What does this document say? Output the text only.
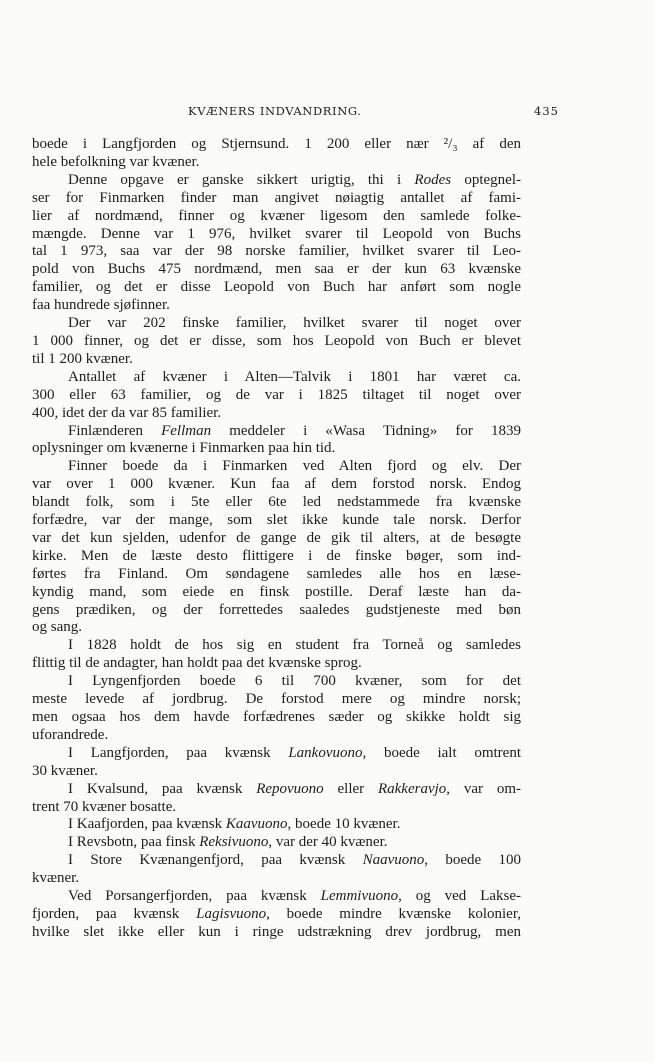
KVÆNERS INDVANDRING.	435
boede i Langfjorden og Stjernsund. 1 200 eller nær ²/₃ af den
hele befolkning var kvæner.
Denne opgave er ganske sikkert urigtig, thi i Rodes optegnel-
ser for Finmarken finder man angivet nøiagtig antallet af fami-
lier af nordmænd, finner og kvæner ligesom den samlede folke-
mængde. Denne var 1 976, hvilket svarer til Leopold von Buchs
tal 1 973, saa var der 98 norske familier, hvilket svarer til Leo-
pold von Buchs 475 nordmænd, men saa er der kun 63 kvænske
familier, og det er disse Leopold von Buch har anført som nogle
faa hundrede sjøfinner.
Der var 202 finske familier, hvilket svarer til noget over
1 000 finner, og det er disse, som hos Leopold von Buch er blevet
til 1 200 kvæner.
Antallet af kvæner i Alten—Talvik i 1801 har været ca.
300 eller 63 familier, og de var i 1825 tiltaget til noget over
400, idet der da var 85 familier.
Finlænderen Fellman meddeler i «Wasa Tidning» for 1839
oplysninger om kvænerne i Finmarken paa hin tid.
Finner boede da i Finmarken ved Alten fjord og elv. Der
var over 1 000 kvæner. Kun faa af dem forstod norsk. Endog
blandt folk, som i 5te eller 6te led nedstammede fra kvænske
forfædre, var der mange, som slet ikke kunde tale norsk. Derfor
var det kun sjelden, udenfor de gange de gik til alters, at de besøgte
kirke. Men de læste desto flittigere i de finske bøger, som ind-
førtes fra Finland. Om søndagene samledes alle hos en læse-
kyndig mand, som eiede en finsk postille. Deraf læste han da-
gens prædiken, og der forrettedes saaledes gudstjeneste med bøn
og sang.
I 1828 holdt de hos sig en student fra Torneå og samledes
flittig til de andagter, han holdt paa det kvænske sprog.
I Lyngenfjorden boede 6 til 700 kvæner, som for det
meste levede af jordbrug. De forstod mere og mindre norsk;
men ogsaa hos dem havde forfædrenes sæder og skikke holdt sig
uforandrede.
I Langfjorden, paa kvænsk Lankovuono, boede ialt omtrent
30 kvæner.
I Kvalsund, paa kvænsk Repovuono eller Rakkeravjo, var om-
trent 70 kvæner bosatte.
I Kaafjorden, paa kvænsk Kaavuono, boede 10 kvæner.
I Revsbotn, paa finsk Reksivuono, var der 40 kvæner.
I Store Kvænangenfjord, paa kvænsk Naavuono, boede 100
kvæner.
Ved Porsangerfjorden, paa kvænsk Lemmivuono, og ved Lakse-
fjorden, paa kvænsk Lagisvuono, boede mindre kvænske kolonier,
hvilke slet ikke eller kun i ringe udstrækning drev jordbrug, men
